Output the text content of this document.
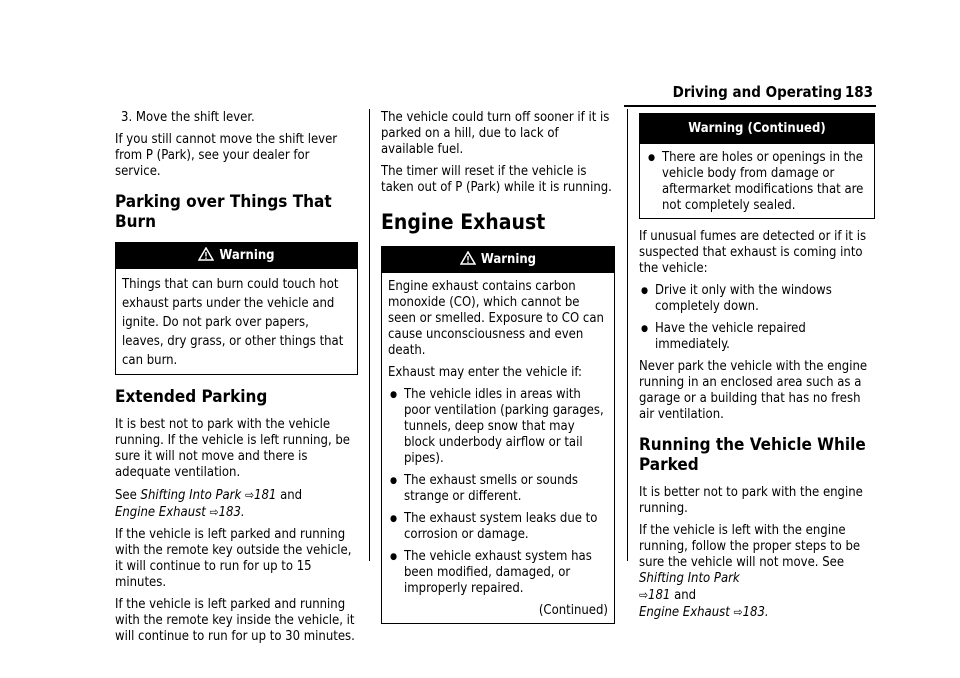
Driving and Operating 183

3. Move the shift lever.

If you still cannot move the shift lever from P (Park), see your dealer for service.

Parking over Things That Burn
Warning

Things that can burn could touch hot exhaust parts under the vehicle and ignite. Do not park over papers, leaves, dry grass, or other things that can burn.

Extended Parking

It is best not to park with the vehicle running. If the vehicle is left running, be sure it will not move and there is adequate ventilation.

See Shifting Into Park ⇨181 and
Engine Exhaust ⇨183.

If the vehicle is left parked and running with the remote key outside the vehicle, it will continue to run for up to 15 minutes.

If the vehicle is left parked and running with the remote key inside the vehicle, it will continue to run for up to 30 minutes.

The vehicle could turn off sooner if it is parked on a hill, due to lack of available fuel.

The timer will reset if the vehicle is taken out of P (Park) while it is running.

Engine Exhaust
Warning

Engine exhaust contains carbon monoxide (CO), which cannot be seen or smelled. Exposure to CO can cause unconsciousness and even death.

Exhaust may enter the vehicle if:

● The vehicle idles in areas with poor ventilation (parking garages, tunnels, deep snow that may block underbody airflow or tail pipes).
● The exhaust smells or sounds strange or different.
● The exhaust system leaks due to corrosion or damage.
● The vehicle exhaust system has been modified, damaged, or improperly repaired.
(Continued)
Warning (Continued)
● There are holes or openings in the vehicle body from damage or aftermarket modifications that are not completely sealed.

If unusual fumes are detected or if it is suspected that exhaust is coming into the vehicle:

● Drive it only with the windows completely down.
● Have the vehicle repaired immediately.

Never park the vehicle with the engine running in an enclosed area such as a garage or a building that has no fresh air ventilation.

Running the Vehicle While Parked

It is better not to park with the engine running.

If the vehicle is left with the engine running, follow the proper steps to be sure the vehicle will not move. See Shifting Into Park
⇨181 and
Engine Exhaust ⇨183.
